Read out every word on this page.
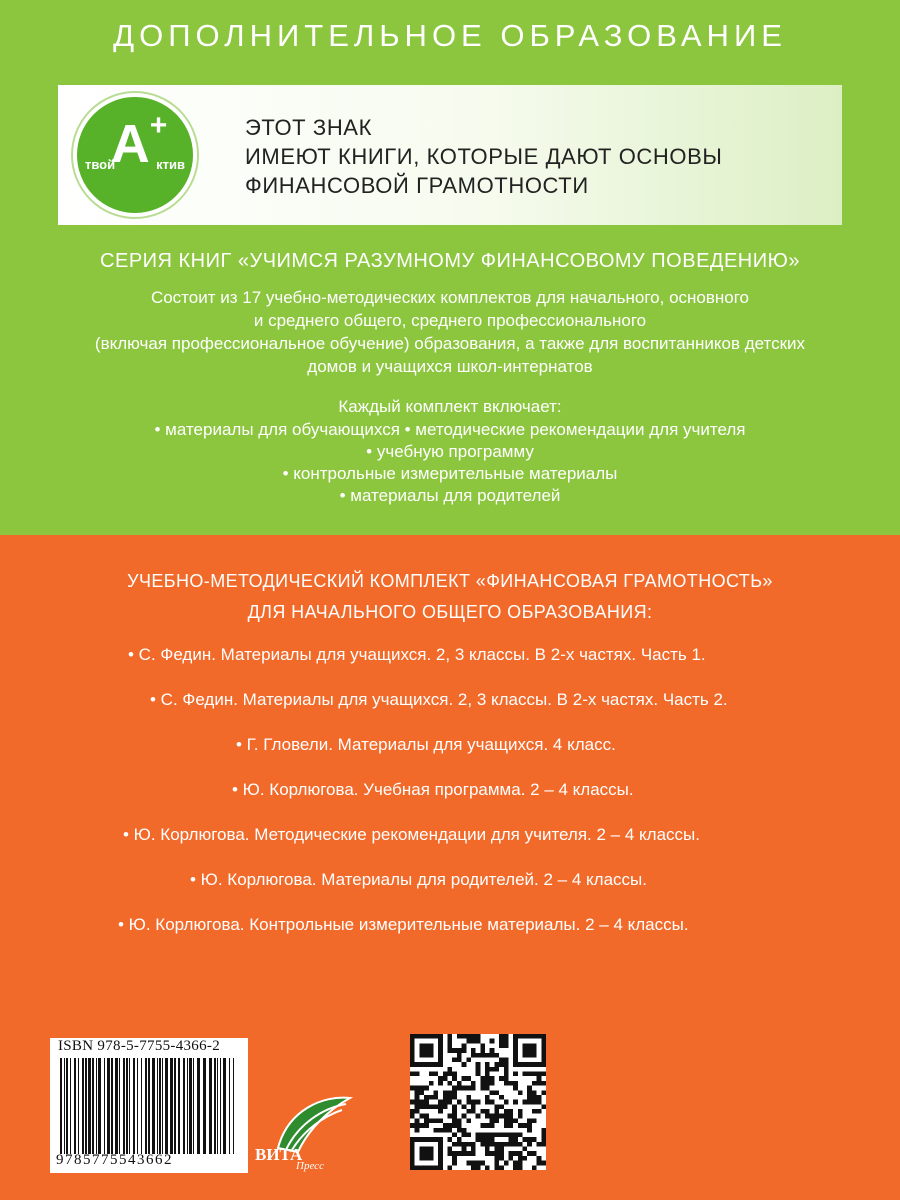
ДОПОЛНИТЕЛЬНОЕ ОБРАЗОВАНИЕ
A+
твой	ктив
ЭТОТ ЗНАК
ИМЕЮТ КНИГИ, КОТОРЫЕ ДАЮТ ОСНОВЫ
ФИНАНСОВОЙ ГРАМОТНОСТИ
СЕРИЯ КНИГ «УЧИМСЯ РАЗУМНОМУ ФИНАНСОВОМУ ПОВЕДЕНИЮ»
Состоит из 17 учебно-методических комплектов для начального, основного
и среднего общего, среднего профессионального
(включая профессиональное обучение) образования, а также для воспитанников детских
домов и учащихся школ-интернатов
Каждый комплект включает:
• материалы для обучающихся • методические рекомендации для учителя
• учебную программу
• контрольные измерительные материалы
• материалы для родителей
УЧЕБНО-МЕТОДИЧЕСКИЙ КОМПЛЕКТ «ФИНАНСОВАЯ ГРАМОТНОСТЬ»
ДЛЯ НАЧАЛЬНОГО ОБЩЕГО ОБРАЗОВАНИЯ:
• С. Федин. Материалы для учащихся. 2, 3 классы. В 2-х частях. Часть 1.
• С. Федин. Материалы для учащихся. 2, 3 классы. В 2-х частях. Часть 2.
• Г. Гловели. Материалы для учащихся. 4 класс.
• Ю. Корлюгова. Учебная программа. 2 – 4 классы.
• Ю. Корлюгова. Методические рекомендации для учителя. 2 – 4 классы.
• Ю. Корлюгова. Материалы для родителей. 2 – 4 классы.
• Ю. Корлюгова. Контрольные измерительные материалы. 2 – 4 классы.
ISBN 978-5-7755-4366-2
9785775543662	ВИТА
Пресс
